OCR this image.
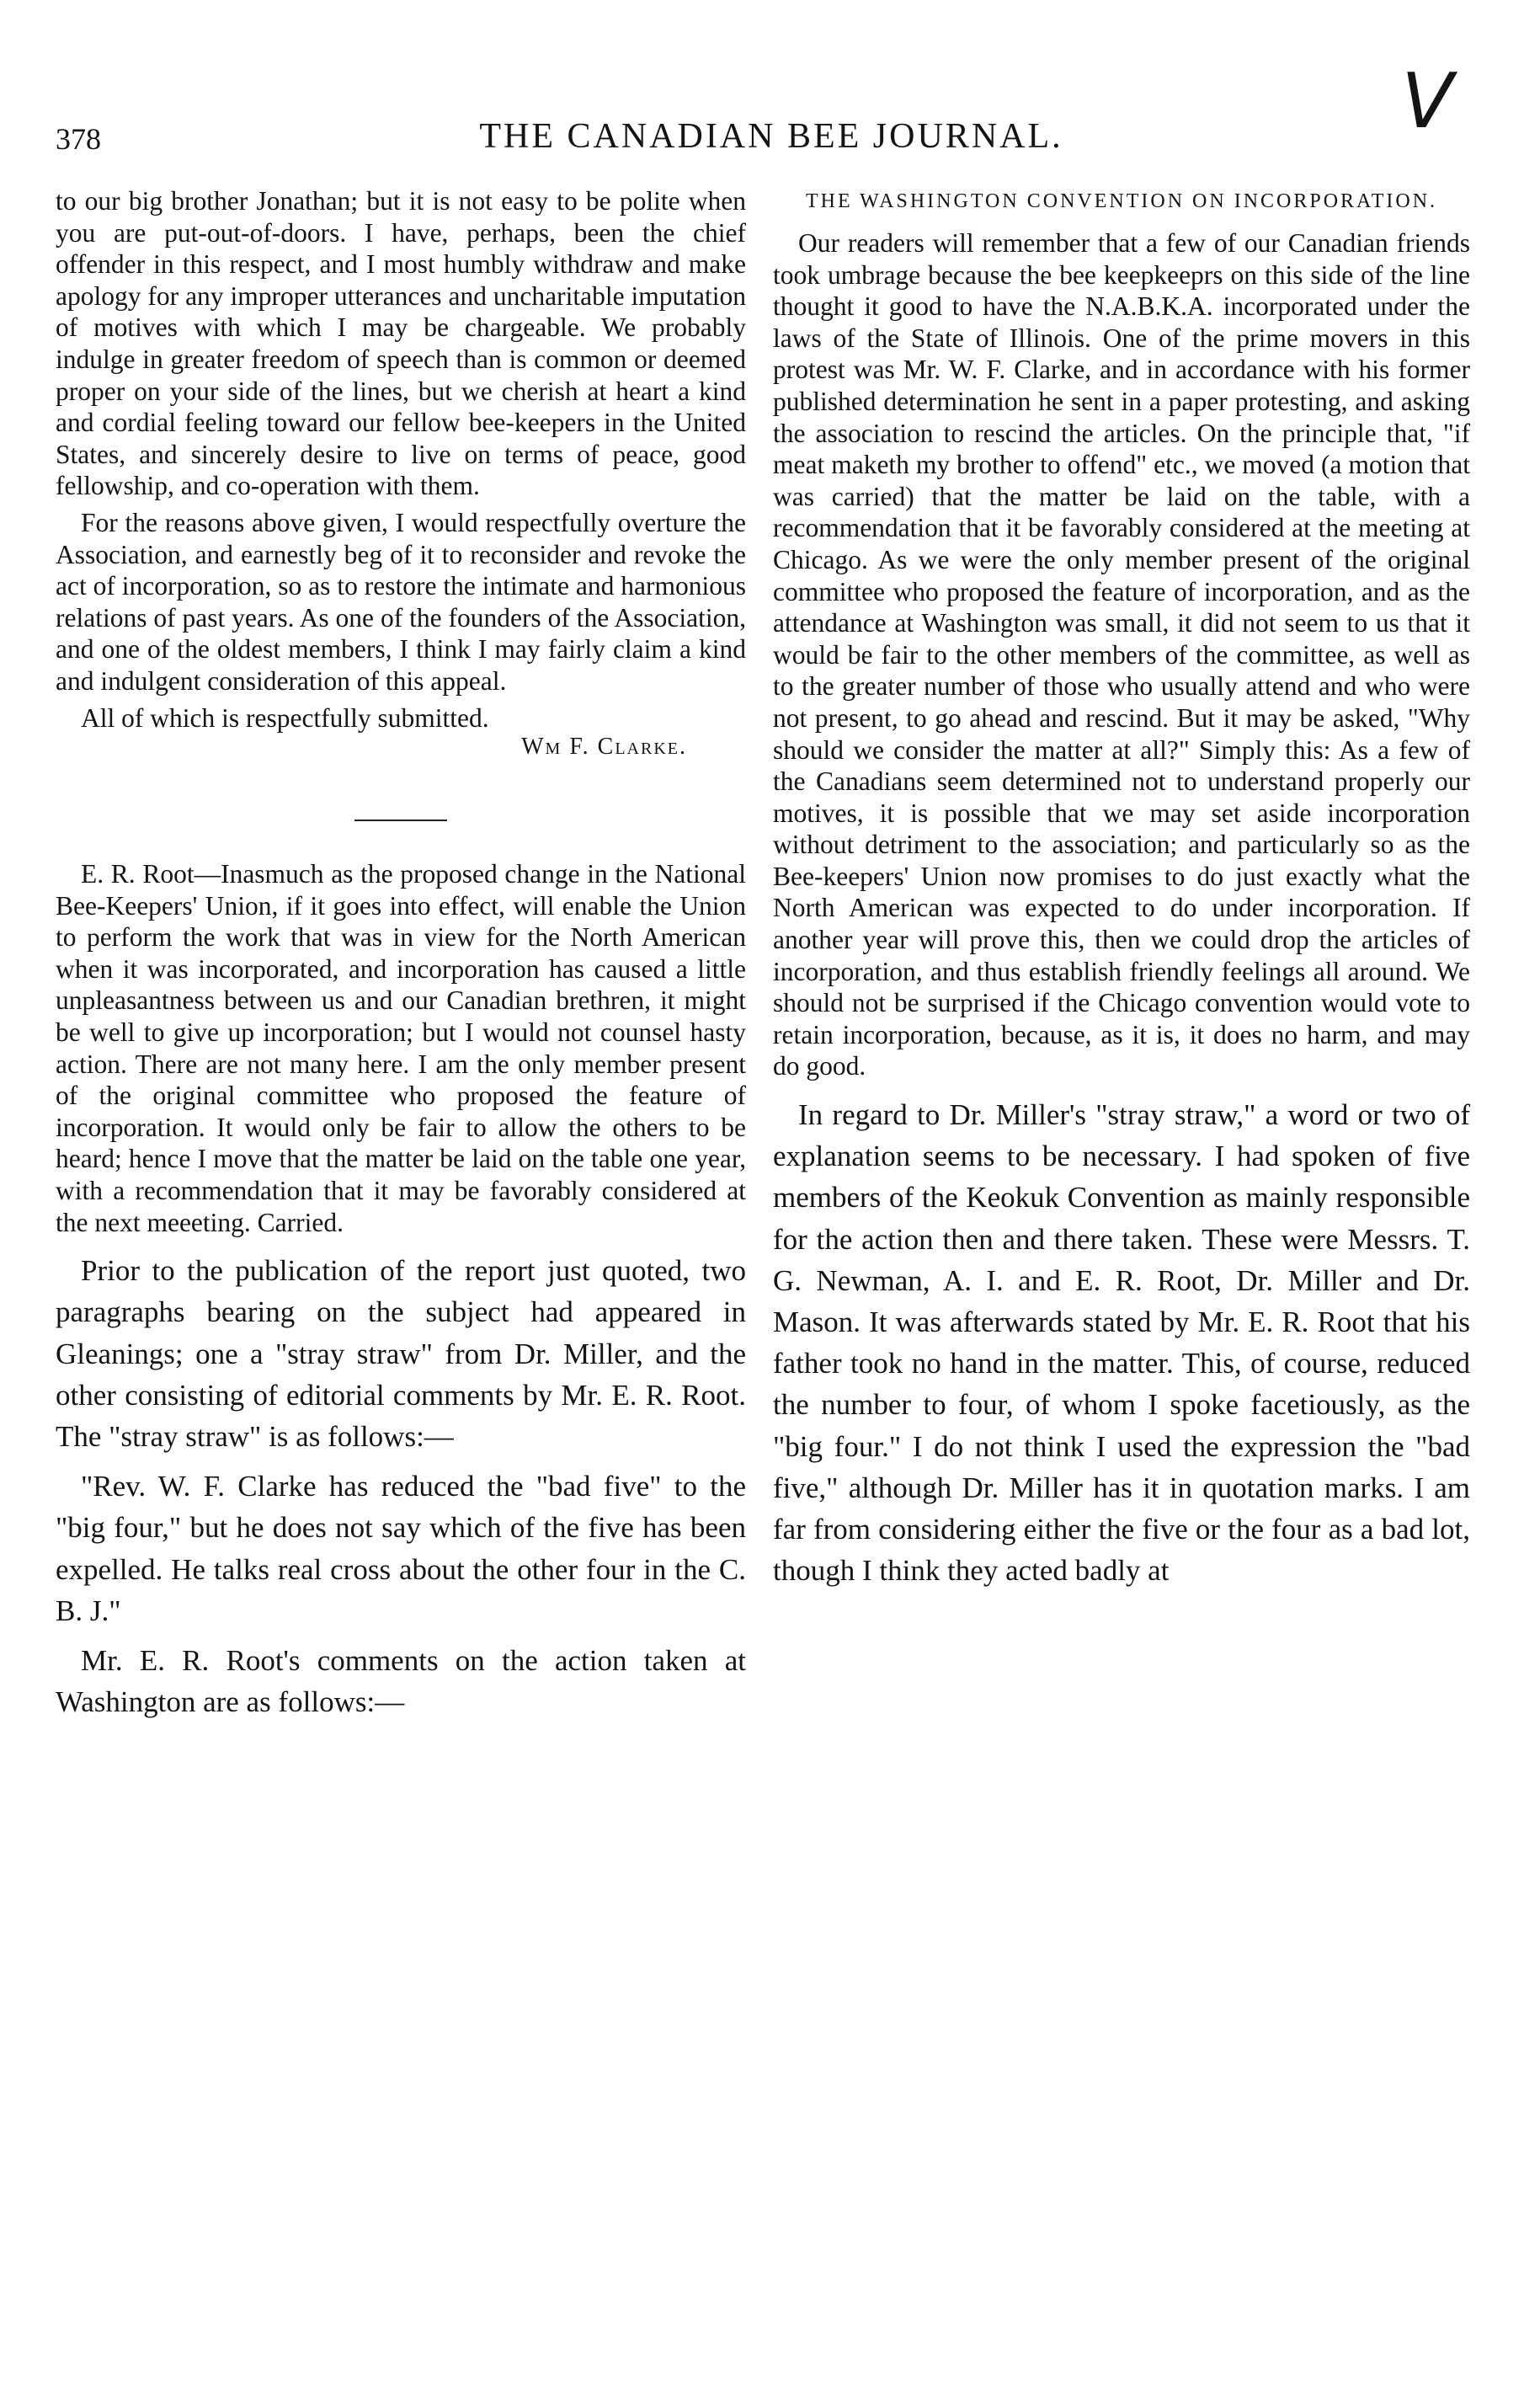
378	THE CANADIAN BEE JOURNAL.	V

to our big brother Jonathan; but it is not easy to be polite when you are put-out-of-doors. I have, perhaps, been the chief offender in this respect, and I most humbly withdraw and make apology for any improper utterances and uncharitable imputation of motives with which I may be chargeable. We probably indulge in greater freedom of speech than is common or deemed proper on your side of the lines, but we cherish at heart a kind and cordial feeling toward our fellow bee-keepers in the United States, and sincerely desire to live on terms of peace, good fellowship, and co-operation with them.

For the reasons above given, I would respectfully overture the Association, and earnestly beg of it to reconsider and revoke the act of incorporation, so as to restore the intimate and harmonious relations of past years. As one of the founders of the Association, and one of the oldest members, I think I may fairly claim a kind and indulgent consideration of this appeal.

All of which is respectfully submitted.

Wm F. Clarke.

E. R. Root—Inasmuch as the proposed change in the National Bee-Keepers' Union, if it goes into effect, will enable the Union to perform the work that was in view for the North American when it was incorporated, and incorporation has caused a little unpleasantness between us and our Canadian brethren, it might be well to give up incorporation; but I would not counsel hasty action. There are not many here. I am the only member present of the original committee who proposed the feature of incorporation. It would only be fair to allow the others to be heard; hence I move that the matter be laid on the table one year, with a recommendation that it may be favorably considered at the next meeeting. Carried.

Prior to the publication of the report just quoted, two paragraphs bearing on the subject had appeared in Gleanings; one a "stray straw" from Dr. Miller, and the other consisting of editorial comments by Mr. E. R. Root. The "stray straw" is as follows:—

"Rev. W. F. Clarke has reduced the "bad five" to the "big four," but he does not say which of the five has been expelled. He talks real cross about the other four in the C. B. J."

Mr. E. R. Root's comments on the action taken at Washington are as follows:—

THE WASHINGTON CONVENTION ON INCORPORATION.

Our readers will remember that a few of our Canadian friends took umbrage because the bee keepkeeprs on this side of the line thought it good to have the N.A.B.K.A. incorporated under the laws of the State of Illinois. One of the prime movers in this protest was Mr. W. F. Clarke, and in accordance with his former published determination he sent in a paper protesting, and asking the association to rescind the articles. On the principle that, "if meat maketh my brother to offend" etc., we moved (a motion that was carried) that the matter be laid on the table, with a recommendation that it be favorably considered at the meeting at Chicago. As we were the only member present of the original committee who proposed the feature of incorporation, and as the attendance at Washington was small, it did not seem to us that it would be fair to the other members of the committee, as well as to the greater number of those who usually attend and who were not present, to go ahead and rescind. But it may be asked, "Why should we consider the matter at all?" Simply this: As a few of the Canadians seem determined not to understand properly our motives, it is possible that we may set aside incorporation without detriment to the association; and particularly so as the Bee-keepers' Union now promises to do just exactly what the North American was expected to do under incorporation. If another year will prove this, then we could drop the articles of incorporation, and thus establish friendly feelings all around. We should not be surprised if the Chicago convention would vote to retain incorporation, because, as it is, it does no harm, and may do good.

In regard to Dr. Miller's "stray straw," a word or two of explanation seems to be necessary. I had spoken of five members of the Keokuk Convention as mainly responsible for the action then and there taken. These were Messrs. T. G. Newman, A. I. and E. R. Root, Dr. Miller and Dr. Mason. It was afterwards stated by Mr. E. R. Root that his father took no hand in the matter. This, of course, reduced the number to four, of whom I spoke facetiously, as the "big four." I do not think I used the expression the "bad five," although Dr. Miller has it in quotation marks. I am far from considering either the five or the four as a bad lot, though I think they acted badly at
